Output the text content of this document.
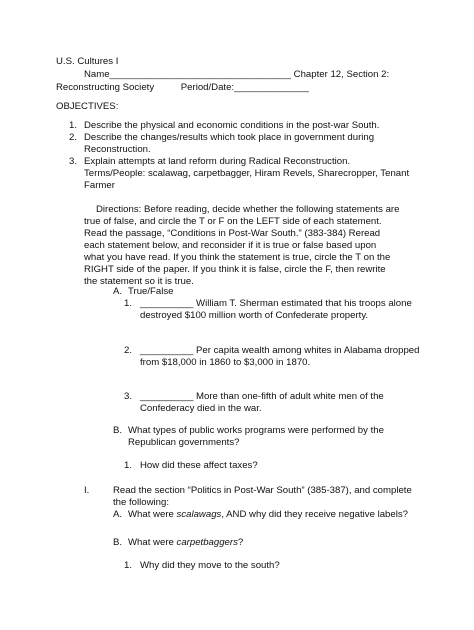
U.S. Cultures I
Name__________________________________ Chapter 12, Section 2:
Reconstructing Society          Period/Date:______________
OBJECTIVES:
1. Describe the physical and economic conditions in the post-war South.
2. Describe the changes/results which took place in government during
Reconstruction.
3. Explain attempts at land reform during Radical Reconstruction.
Terms/People: scalawag, carpetbagger, Hiram Revels, Sharecropper, Tenant
Farmer
Directions: Before reading, decide whether the following statements are
true of false, and circle the T or F on the LEFT side of each statement.
Read the passage, “Conditions in Post-War South.” (383-384) Reread
each statement below, and reconsider if it is true or false based upon
what you have read. If you think the statement is true, circle the T on the
RIGHT side of the paper. If you think it is false, circle the F, then rewrite
the statement so it is true.
A. True/False
1. __________ William T. Sherman estimated that his troops alone
destroyed $100 million worth of Confederate property.
2. __________ Per capita wealth among whites in Alabama dropped
from $18,000 in 1860 to $3,000 in 1870.
3. __________ More than one-fifth of adult white men of the
Confederacy died in the war.
B. What types of public works programs were performed by the
Republican governments?
1. How did these affect taxes?
I. Read the section “Politics in Post-War South” (385-387), and complete
the following:
A. What were scalawags, AND why did they receive negative labels?
B. What were carpetbaggers?
1. Why did they move to the south?
